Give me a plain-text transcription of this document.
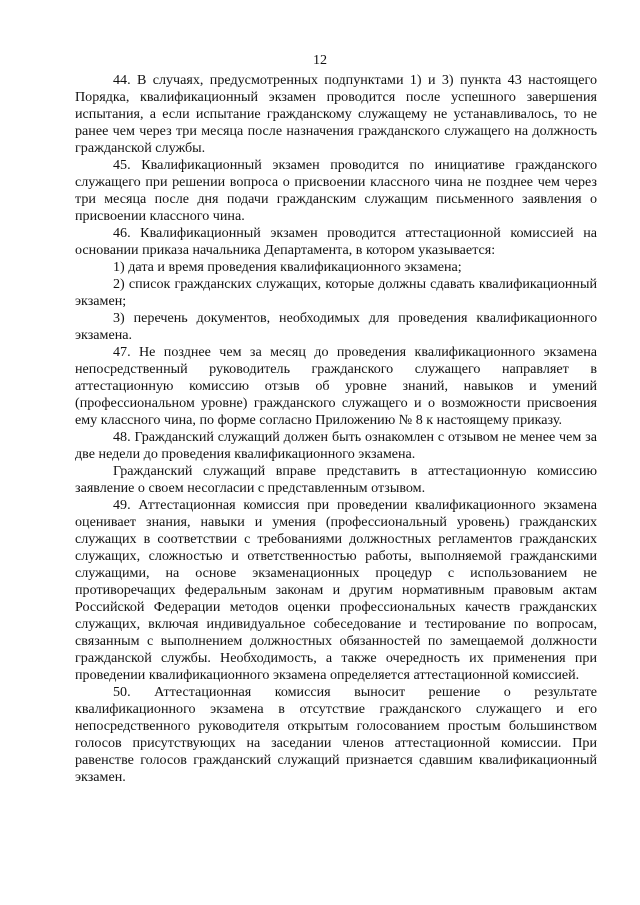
12

44. В случаях, предусмотренных подпунктами 1) и 3) пункта 43 настоящего Порядка, квалификационный экзамен проводится после успешного завершения испытания, а если испытание гражданскому служащему не устанавливалось, то не ранее чем через три месяца после назначения гражданского служащего на должность гражданской службы.

45. Квалификационный экзамен проводится по инициативе гражданского служащего при решении вопроса о присвоении классного чина не позднее чем через три месяца после дня подачи гражданским служащим письменного заявления о присвоении классного чина.

46. Квалификационный экзамен проводится аттестационной комиссией на основании приказа начальника Департамента, в котором указывается:

1) дата и время проведения квалификационного экзамена;

2) список гражданских служащих, которые должны сдавать квалификационный экзамен;

3) перечень документов, необходимых для проведения квалификационного экзамена.

47. Не позднее чем за месяц до проведения квалификационного экзамена непосредственный руководитель гражданского служащего направляет в аттестационную комиссию отзыв об уровне знаний, навыков и умений (профессиональном уровне) гражданского служащего и о возможности присвоения ему классного чина, по форме согласно Приложению № 8 к настоящему приказу.

48. Гражданский служащий должен быть ознакомлен с отзывом не менее чем за две недели до проведения квалификационного экзамена.

Гражданский служащий вправе представить в аттестационную комиссию заявление о своем несогласии с представленным отзывом.

49. Аттестационная комиссия при проведении квалификационного экзамена оценивает знания, навыки и умения (профессиональный уровень) гражданских служащих в соответствии с требованиями должностных регламентов гражданских служащих, сложностью и ответственностью работы, выполняемой гражданскими служащими, на основе экзаменационных процедур с использованием не противоречащих федеральным законам и другим нормативным правовым актам Российской Федерации методов оценки профессиональных качеств гражданских служащих, включая индивидуальное собеседование и тестирование по вопросам, связанным с выполнением должностных обязанностей по замещаемой должности гражданской службы. Необходимость, а также очередность их применения при проведении квалификационного экзамена определяется аттестационной комиссией.

50. Аттестационная комиссия выносит решение о результате квалификационного экзамена в отсутствие гражданского служащего и его непосредственного руководителя открытым голосованием простым большинством голосов присутствующих на заседании членов аттестационной комиссии. При равенстве голосов гражданский служащий признается сдавшим квалификационный экзамен.
